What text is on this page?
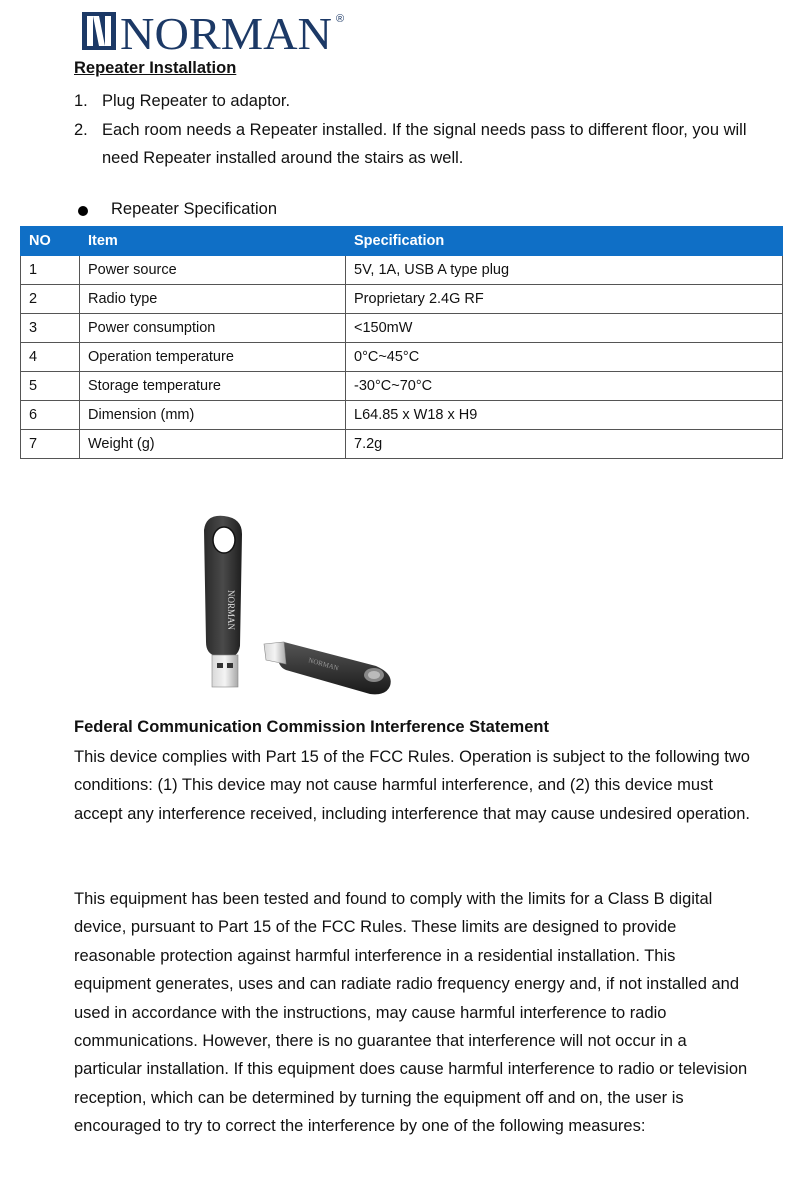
NORMAN ®
Repeater Installation
1. Plug Repeater to adaptor.
2. Each room needs a Repeater installed. If the signal needs pass to different floor, you will need Repeater installed around the stairs as well.
Repeater Specification
NO	Item	Specification
1	Power source	5V, 1A, USB A type plug
2	Radio type	Proprietary 2.4G RF
3	Power consumption	<150mW
4	Operation temperature	0°C~45°C
5	Storage temperature	-30°C~70°C
6	Dimension (mm)	L64.85 x W18 x H9
7	Weight (g)	7.2g
NORMAN
NORMAN
Federal Communication Commission Interference Statement

This device complies with Part 15 of the FCC Rules. Operation is subject to the following two conditions: (1) This device may not cause harmful interference, and (2) this device must accept any interference received, including interference that may cause undesired operation.

This equipment has been tested and found to comply with the limits for a Class B digital device, pursuant to Part 15 of the FCC Rules. These limits are designed to provide reasonable protection against harmful interference in a residential installation. This equipment generates, uses and can radiate radio frequency energy and, if not installed and used in accordance with the instructions, may cause harmful interference to radio communications. However, there is no guarantee that interference will not occur in a particular installation. If this equipment does cause harmful interference to radio or television reception, which can be determined by turning the equipment off and on, the user is encouraged to try to correct the interference by one of the following measures:
